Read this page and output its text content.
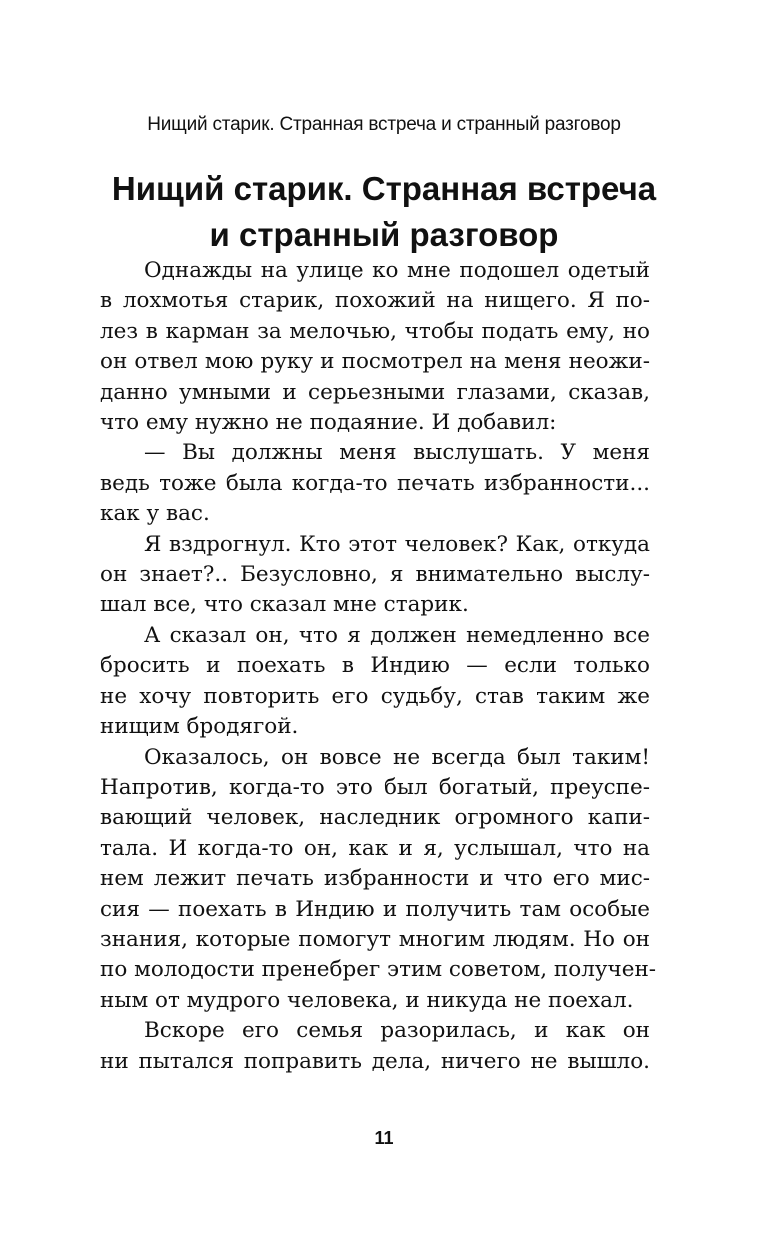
Нищий старик. Странная встреча и странный разговор
Нищий старик. Странная встреча
и странный разговор
Однажды на улице ко мне подошел одетый
в лохмотья старик, похожий на нищего. Я по-
лез в карман за мелочью, чтобы подать ему, но
он отвел мою руку и посмотрел на меня неожи-
данно умными и серьезными глазами, сказав,
что ему нужно не подаяние. И добавил:
— Вы должны меня выслушать. У меня
ведь тоже была когда-то печать избранности...
как у вас.
Я вздрогнул. Кто этот человек? Как, откуда
он знает?.. Безусловно, я внимательно выслу-
шал все, что сказал мне старик.
А сказал он, что я должен немедленно все
бросить и поехать в Индию — если только
не хочу повторить его судьбу, став таким же
нищим бродягой.
Оказалось, он вовсе не всегда был таким!
Напротив, когда-то это был богатый, преуспе-
вающий человек, наследник огромного капи-
тала. И когда-то он, как и я, услышал, что на
нем лежит печать избранности и что его мис-
сия — поехать в Индию и получить там особые
знания, которые помогут многим людям. Но он
по молодости пренебрег этим советом, получен-
ным от мудрого человека, и никуда не поехал.
Вскоре его семья разорилась, и как он
ни пытался поправить дела, ничего не вышло.
11
